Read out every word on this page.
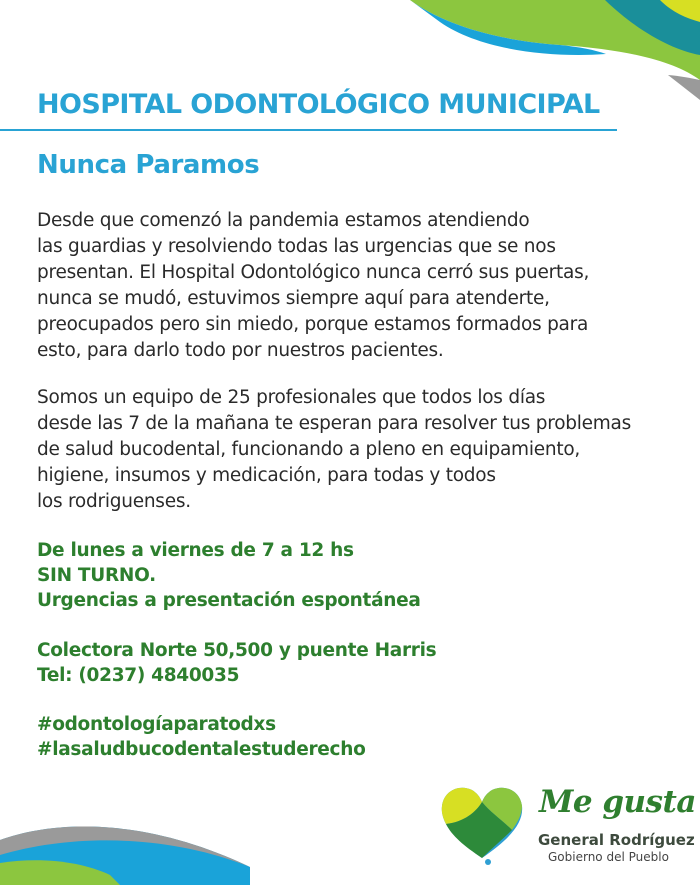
HOSPITAL ODONTOLÓGICO MUNICIPAL
Nunca Paramos

Desde que comenzó la pandemia estamos atendiendo
las guardias y resolviendo todas las urgencias que se nos
presentan. El Hospital Odontológico nunca cerró sus puertas,
nunca se mudó, estuvimos siempre aquí para atenderte,
preocupados pero sin miedo, porque estamos formados para
esto, para darlo todo por nuestros pacientes.

Somos un equipo de 25 profesionales que todos los días
desde las 7 de la mañana te esperan para resolver tus problemas
de salud bucodental, funcionando a pleno en equipamiento,
higiene, insumos y medicación, para todas y todos
los rodriguenses.

De lunes a viernes de 7 a 12 hs
SIN TURNO.
Urgencias a presentación espontánea

Colectora Norte 50,500 y puente Harris
Tel: (0237) 4840035

#odontologíaparatodxs
#lasaludbucodentalestuderecho

Me gusta
General Rodríguez
Gobierno del Pueblo
